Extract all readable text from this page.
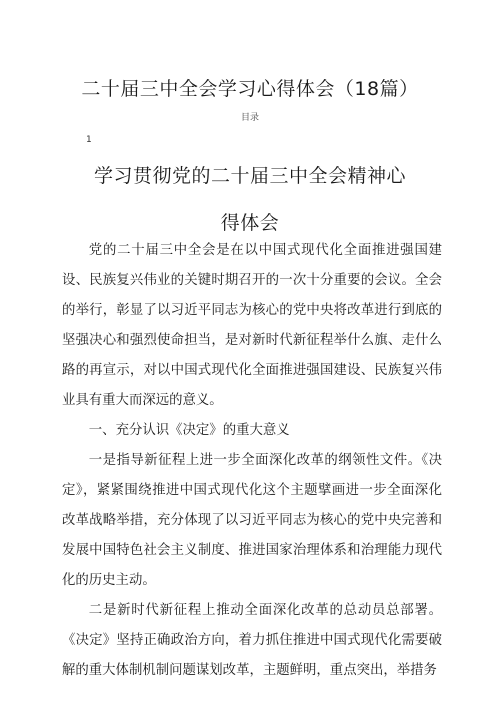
二十届三中全会学习心得体会（18篇）
目录
1
学习贯彻党的二十届三中全会精神心
得体会

党的二十届三中全会是在以中国式现代化全面推进强国建设、民族复兴伟业的关键时期召开的一次十分重要的会议。全会的举行，彰显了以习近平同志为核心的党中央将改革进行到底的坚强决心和强烈使命担当，是对新时代新征程举什么旗、走什么路的再宣示，对以中国式现代化全面推进强国建设、民族复兴伟业具有重大而深远的意义。

一、充分认识《决定》的重大意义

一是指导新征程上进一步全面深化改革的纲领性文件。《决定》，紧紧围绕推进中国式现代化这个主题擘画进一步全面深化改革战略举措，充分体现了以习近平同志为核心的党中央完善和发展中国特色社会主义制度、推进国家治理体系和治理能力现代化的历史主动。

二是新时代新征程上推动全面深化改革的总动员总部署。《决定》坚持正确政治方向，着力抓住推进中国式现代化需要破解的重大体制机制问题谋划改革，主题鲜明，重点突出，举措务
